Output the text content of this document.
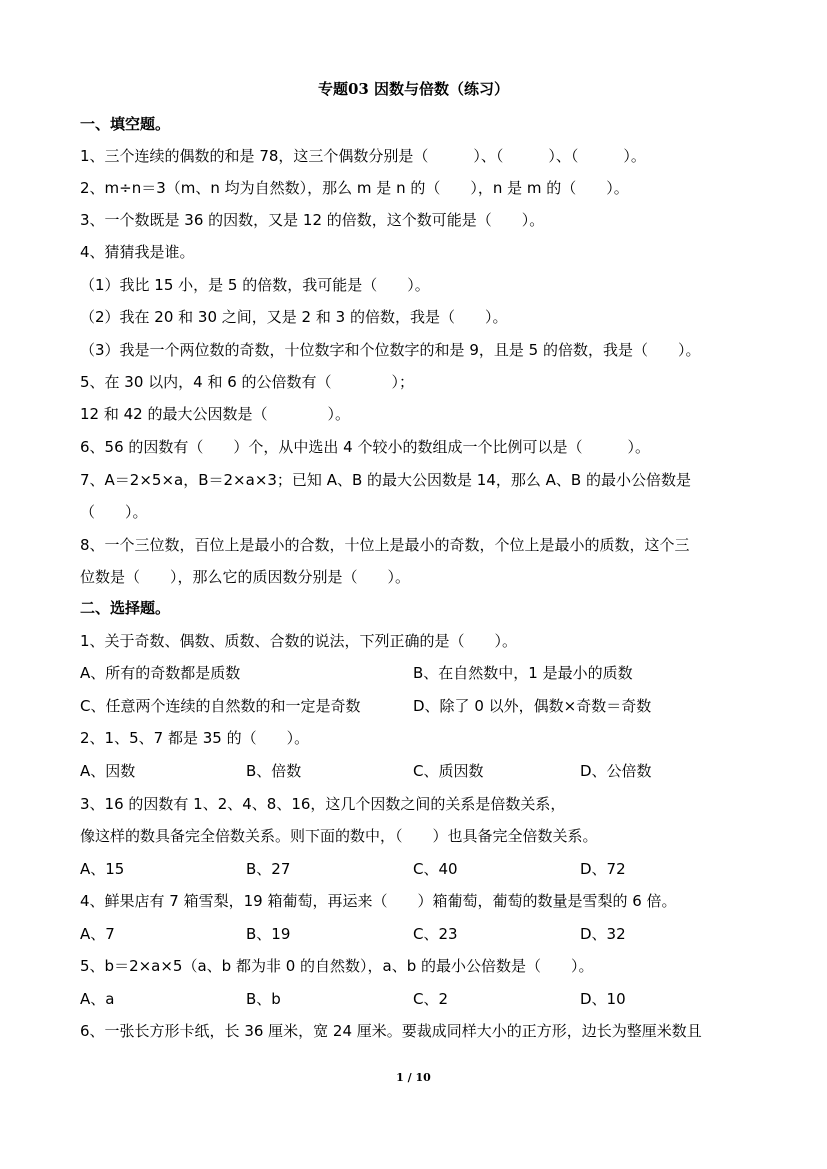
专题03 因数与倍数（练习）
一、填空题。
1、三个连续的偶数的和是 78，这三个偶数分别是（　　　）、（　　　）、（　　　）。
2、m÷n＝3（m、n 均为自然数），那么 m 是 n 的（　　），n 是 m 的（　　）。
3、一个数既是 36 的因数，又是 12 的倍数，这个数可能是（　　）。
4、猜猜我是谁。
（1）我比 15 小，是 5 的倍数，我可能是（　　）。
（2）我在 20 和 30 之间，又是 2 和 3 的倍数，我是（　　）。
（3）我是一个两位数的奇数，十位数字和个位数字的和是 9，且是 5 的倍数，我是（　　）。
5、在 30 以内，4 和 6 的公倍数有（　　　　）；
12 和 42 的最大公因数是（　　　　）。
6、56 的因数有（　　）个，从中选出 4 个较小的数组成一个比例可以是（　　　）。
7、A＝2×5×a，B＝2×a×3；已知 A、B 的最大公因数是 14，那么 A、B 的最小公倍数是
（　　）。
8、一个三位数，百位上是最小的合数，十位上是最小的奇数，个位上是最小的质数，这个三
位数是（　　），那么它的质因数分别是（　　）。
二、选择题。
1、关于奇数、偶数、质数、合数的说法，下列正确的是（　　）。
A、所有的奇数都是质数	B、在自然数中，1 是最小的质数
C、任意两个连续的自然数的和一定是奇数	D、除了 0 以外，偶数×奇数＝奇数
2、1、5、7 都是 35 的（　　）。
A、因数	B、倍数	C、质因数	D、公倍数
3、16 的因数有 1、2、4、8、16，这几个因数之间的关系是倍数关系，
像这样的数具备完全倍数关系。则下面的数中，（　　）也具备完全倍数关系。
A、15	B、27	C、40	D、72
4、鲜果店有 7 箱雪梨，19 箱葡萄，再运来（　　）箱葡萄，葡萄的数量是雪梨的 6 倍。
A、7	B、19	C、23	D、32
5、b＝2×a×5（a、b 都为非 0 的自然数），a、b 的最小公倍数是（　　）。
A、a	B、b	C、2	D、10
6、一张长方形卡纸，长 36 厘米，宽 24 厘米。要裁成同样大小的正方形，边长为整厘米数且
1 / 10
